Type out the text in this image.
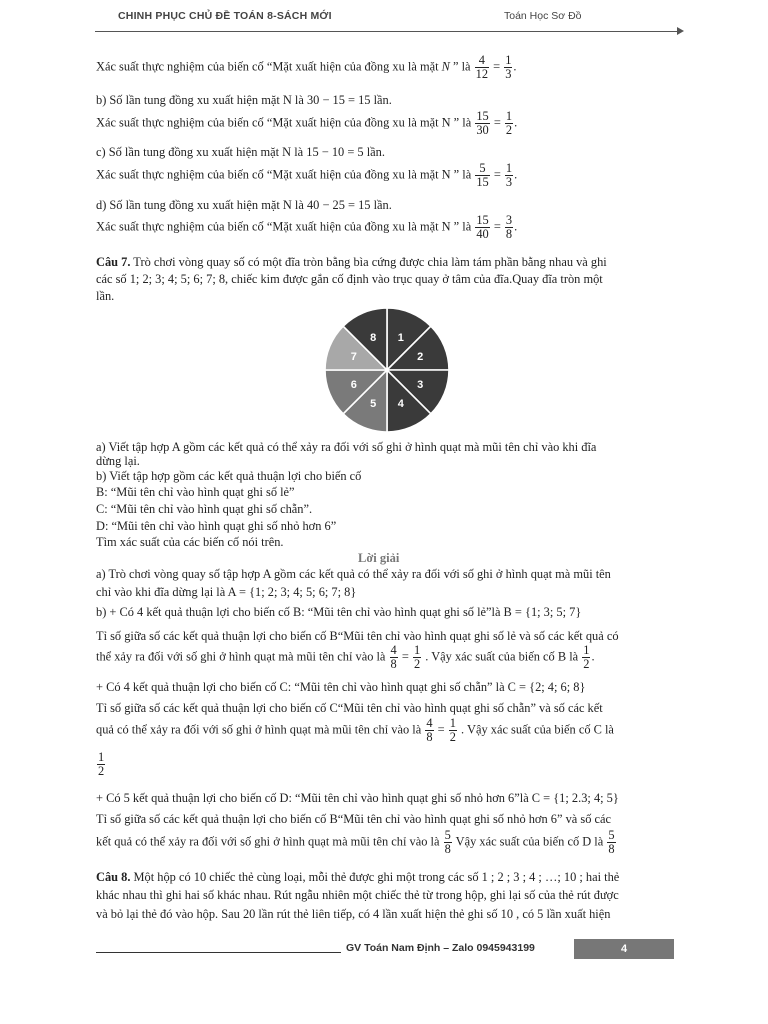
CHINH PHỤC CHỦ ĐỀ TOÁN 8-SÁCH MỚI	Toán Học Sơ Đồ
Xác suất thực nghiệm của biến cố “Mặt xuất hiện của đồng xu là mặt N ” là $\frac{4}{12} = \frac{1}{3}$ .
b) Số lần tung đồng xu xuất hiện mặt N là 30 − 15 = 15 lần.
Xác suất thực nghiệm của biến cố “Mặt xuất hiện của đồng xu là mặt N ” là $\frac{15}{30} = \frac{1}{2}$ .
c) Số lần tung đồng xu xuất hiện mặt N là 15 − 10 = 5 lần.
Xác suất thực nghiệm của biến cố “Mặt xuất hiện của đồng xu là mặt N ” là $\frac{5}{15} = \frac{1}{3}$ .
d) Số lần tung đồng xu xuất hiện mặt N là 40 − 25 = 15 lần.
Xác suất thực nghiệm của biến cố “Mặt xuất hiện của đồng xu là mặt N ” là $\frac{15}{40} = \frac{3}{8}$ .
Câu 7. Trò chơi vòng quay số có một đĩa tròn bằng bìa cứng được chia làm tám phần bằng nhau và ghi
các số 1; 2; 3; 4; 5; 6; 7; 8, chiếc kim được gắn cố định vào trục quay ở tâm của đĩa.Quay đĩa tròn một
lần.
1
2
3
4
5
6
7
8
a) Viết tập hợp A gồm các kết quả có thể xảy ra đối với số ghi ở hình quạt mà mũi tên chỉ vào khi đĩa
dừng lại.
b) Viết tập hợp gồm các kết quả thuận lợi cho biến cố
B: “Mũi tên chỉ vào hình quạt ghi số lẻ”
C: “Mũi tên chỉ vào hình quạt ghi số chẵn”.
D: “Mũi tên chỉ vào hình quạt ghi số nhỏ hơn 6”
Tìm xác suất của các biến cố nói trên.
Lời giải
a) Trò chơi vòng quay số tập hợp A gồm các kết quả có thể xảy ra đối với số ghi ở hình quạt mà mũi tên
chỉ vào khi đĩa dừng lại là A = {1; 2; 3; 4; 5; 6; 7; 8}
b) + Có 4 kết quả thuận lợi cho biến cố B: “Mũi tên chỉ vào hình quạt ghi số lẻ”là B = {1; 3; 5; 7}
Tỉ số giữa số các kết quả thuận lợi cho biến cố B“Mũi tên chỉ vào hình quạt ghi số lẻ và số các kết quả có
thể xảy ra đối với số ghi ở hình quạt mà mũi tên chỉ vào là $\frac{4}{8} = \frac{1}{2}$ . Vậy xác suất của biến cố B là $\frac{1}{2}$ .
+ Có 4 kết quả thuận lợi cho biến cố C: “Mũi tên chỉ vào hình quạt ghi số chẵn” là C = {2; 4; 6; 8}
Tỉ số giữa số các kết quả thuận lợi cho biến cố C“Mũi tên chỉ vào hình quạt ghi số chẵn” và số các kết
quả có thể xảy ra đối với số ghi ở hình quạt mà mũi tên chỉ vào là $\frac{4}{8} = \frac{1}{2}$ . Vậy xác suất của biến cố C là
$\frac{1}{2}$
+ Có 5 kết quả thuận lợi cho biến cố D: “Mũi tên chỉ vào hình quạt ghi số nhỏ hơn 6”là C = {1; 2.3; 4; 5}
Tỉ số giữa số các kết quả thuận lợi cho biến cố B“Mũi tên chỉ vào hình quạt ghi số nhỏ hơn 6” và số các
kết quả có thể xảy ra đối với số ghi ở hình quạt mà mũi tên chỉ vào là $\frac{5}{8}$ Vậy xác suất của biến cố D là $\frac{5}{8}$
Câu 8. Một hộp có 10 chiếc thẻ cùng loại, mỗi thẻ được ghi một trong các số 1 ; 2 ; 3 ; 4 ; …; 10 ; hai thẻ
khác nhau thì ghi hai số khác nhau. Rút ngẫu nhiên một chiếc thẻ từ trong hộp, ghi lại số của thẻ rút được
và bỏ lại thẻ đó vào hộp. Sau 20 lần rút thẻ liên tiếp, có 4 lần xuất hiện thẻ ghi số 10 , có 5 lần xuất hiện
GV Toán Nam Định – Zalo 0945943199	4
